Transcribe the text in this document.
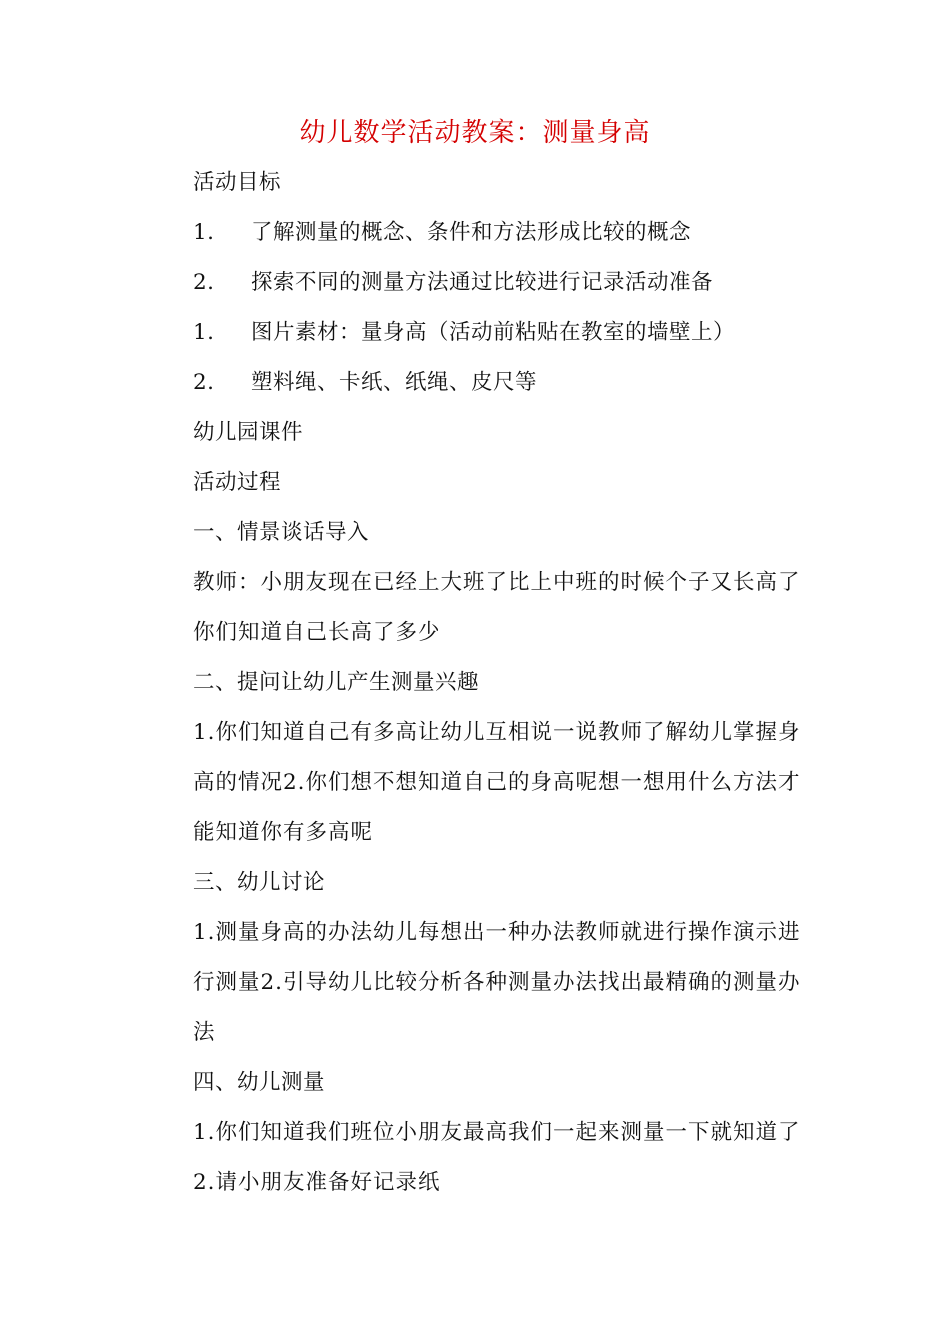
幼儿数学活动教案：测量身高
活动目标
1. 了解测量的概念、条件和方法形成比较的概念
2. 探索不同的测量方法通过比较进行记录活动准备
1. 图片素材：量身高（活动前粘贴在教室的墙壁上）
2. 塑料绳、卡纸、纸绳、皮尺等
幼儿园课件
活动过程
一、情景谈话导入
教师：小朋友现在已经上大班了比上中班的时候个子又长高了你们知道自己长高了多少
二、提问让幼儿产生测量兴趣
1.你们知道自己有多高让幼儿互相说一说教师了解幼儿掌握身高的情况2.你们想不想知道自己的身高呢想一想用什么方法才能知道你有多高呢
三、幼儿讨论
1.测量身高的办法幼儿每想出一种办法教师就进行操作演示进行测量2.引导幼儿比较分析各种测量办法找出最精确的测量办法
四、幼儿测量
1.你们知道我们班位小朋友最高我们一起来测量一下就知道了2.请小朋友准备好记录纸
